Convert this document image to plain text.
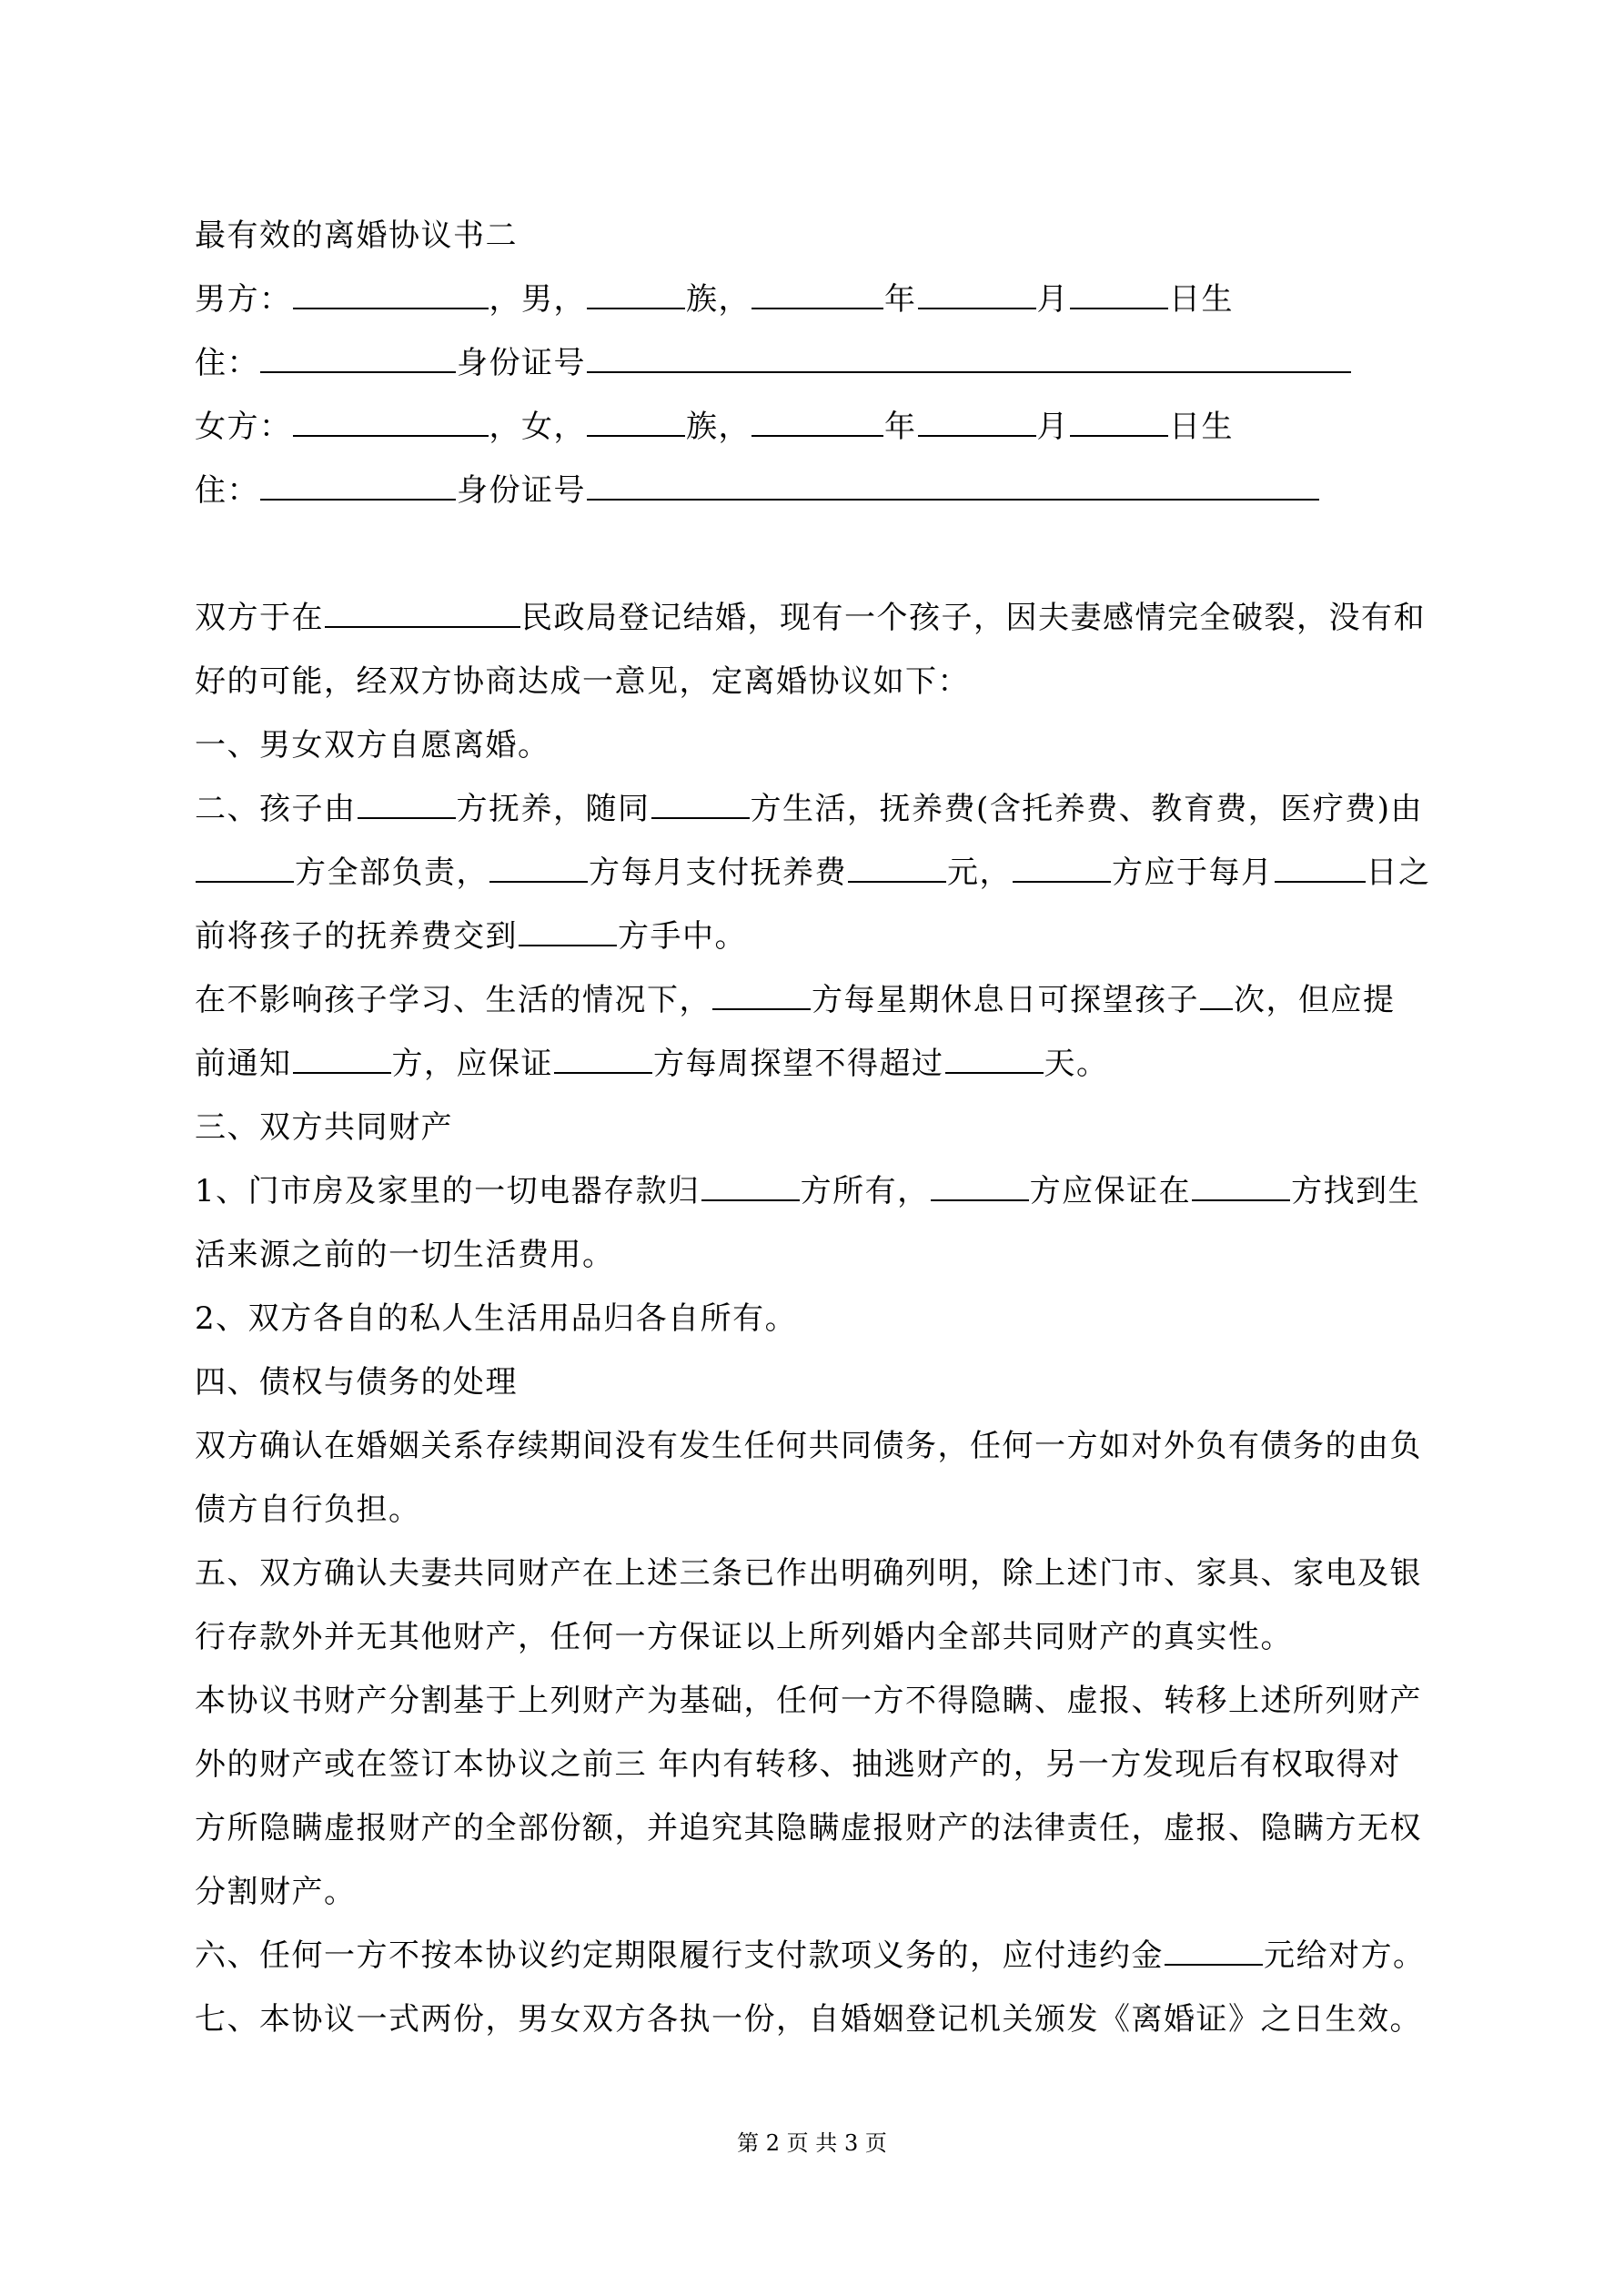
最有效的离婚协议书二
男方：	，男，	族，	年	月	日生
住：	身份证号
女方：	，女，	族，	年	月	日生
住：	身份证号
双方于在	民政局登记结婚，现有一个孩子，因夫妻感情完全破裂，没有和
好的可能，经双方协商达成一意见，定离婚协议如下：
一、男女双方自愿离婚。
二、孩子由	方抚养，随同	方生活，抚养费(含托养费、教育费，医疗费)由
方全部负责，	方每月支付抚养费	元，	方应于每月	日之
前将孩子的抚养费交到	方手中。
在不影响孩子学习、生活的情况下，	方每星期休息日可探望孩子 次，但应提
前通知	方，应保证	方每周探望不得超过	天。
三、双方共同财产
1、门市房及家里的一切电器存款归	方所有，	方应保证在	方找到生
活来源之前的一切生活费用。
2、双方各自的私人生活用品归各自所有。
四、债权与债务的处理
双方确认在婚姻关系存续期间没有发生任何共同债务，任何一方如对外负有债务的由负
债方自行负担。
五、双方确认夫妻共同财产在上述三条已作出明确列明，除上述门市、家具、家电及银
行存款外并无其他财产，任何一方保证以上所列婚内全部共同财产的真实性。
本协议书财产分割基于上列财产为基础，任何一方不得隐瞒、虚报、转移上述所列财产
外的财产或在签订本协议之前三 年内有转移、抽逃财产的，另一方发现后有权取得对
方所隐瞒虚报财产的全部份额，并追究其隐瞒虚报财产的法律责任，虚报、隐瞒方无权
分割财产。
六、任何一方不按本协议约定期限履行支付款项义务的，应付违约金	元给对方。
七、本协议一式两份，男女双方各执一份，自婚姻登记机关颁发《离婚证》之日生效。
第 2 页 共 3 页
